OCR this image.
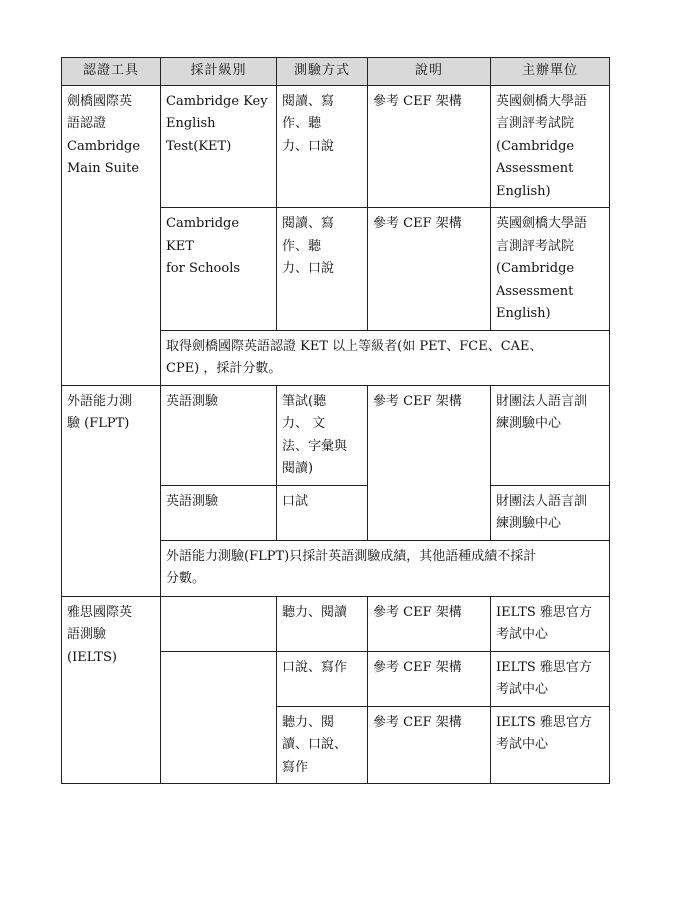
認證工具	採計級別	測驗方式	說明	主辦單位
劍橋國際英
語認證
Cambridge
Main Suite	Cambridge Key
English
Test(KET)	閱讀、寫
作、聽
力、口說	參考 CEF 架構	英國劍橋大學語
言測評考試院
(Cambridge
Assessment
English)
	Cambridge KET
for Schools	閱讀、寫
作、聽
力、口說	參考 CEF 架構	英國劍橋大學語
言測評考試院
(Cambridge
Assessment
English)
	取得劍橋國際英語認證 KET 以上等級者(如 PET、FCE、CAE、
CPE) ，採計分數。			
外語能力測
驗 (FLPT)	英語測驗	筆試(聽
力、 文
法、字彙與
閱讀)	參考 CEF 架構	財團法人語言訓
練測驗中心
	英語測驗	口試		財團法人語言訓
練測驗中心
	外語能力測驗(FLPT)只採計英語測驗成績，其他語種成績不採計
分數。			
雅思國際英
語測驗
(IELTS)		聽力、閱讀	參考 CEF 架構	IELTS 雅思官方
考試中心
		口說、寫作	參考 CEF 架構	IELTS 雅思官方
考試中心
		聽力、閱
讀、口說、
寫作	參考 CEF 架構	IELTS 雅思官方
考試中心
